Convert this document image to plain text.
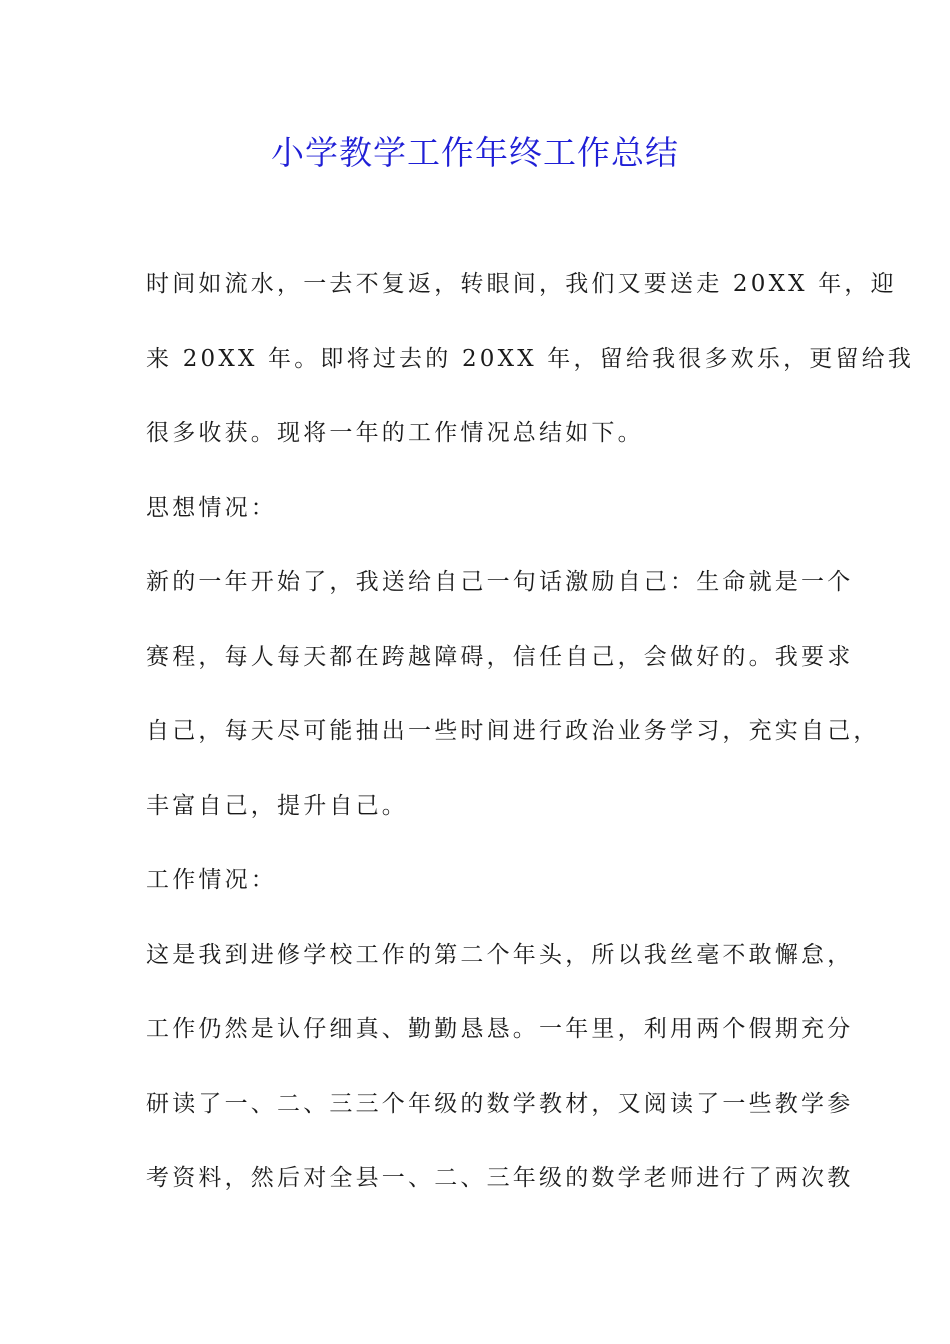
小学教学工作年终工作总结
时间如流水，一去不复返，转眼间，我们又要送走 20XX 年，迎
来 20XX 年。即将过去的 20XX 年，留给我很多欢乐，更留给我
很多收获。现将一年的工作情况总结如下。
思想情况：
新的一年开始了，我送给自己一句话激励自己：生命就是一个
赛程，每人每天都在跨越障碍，信任自己，会做好的。我要求
自己，每天尽可能抽出一些时间进行政治业务学习，充实自己，
丰富自己，提升自己。
工作情况：
这是我到进修学校工作的第二个年头，所以我丝毫不敢懈怠，
工作仍然是认仔细真、勤勤恳恳。一年里，利用两个假期充分
研读了一、二、三三个年级的数学教材，又阅读了一些教学参
考资料，然后对全县一、二、三年级的数学老师进行了两次教
